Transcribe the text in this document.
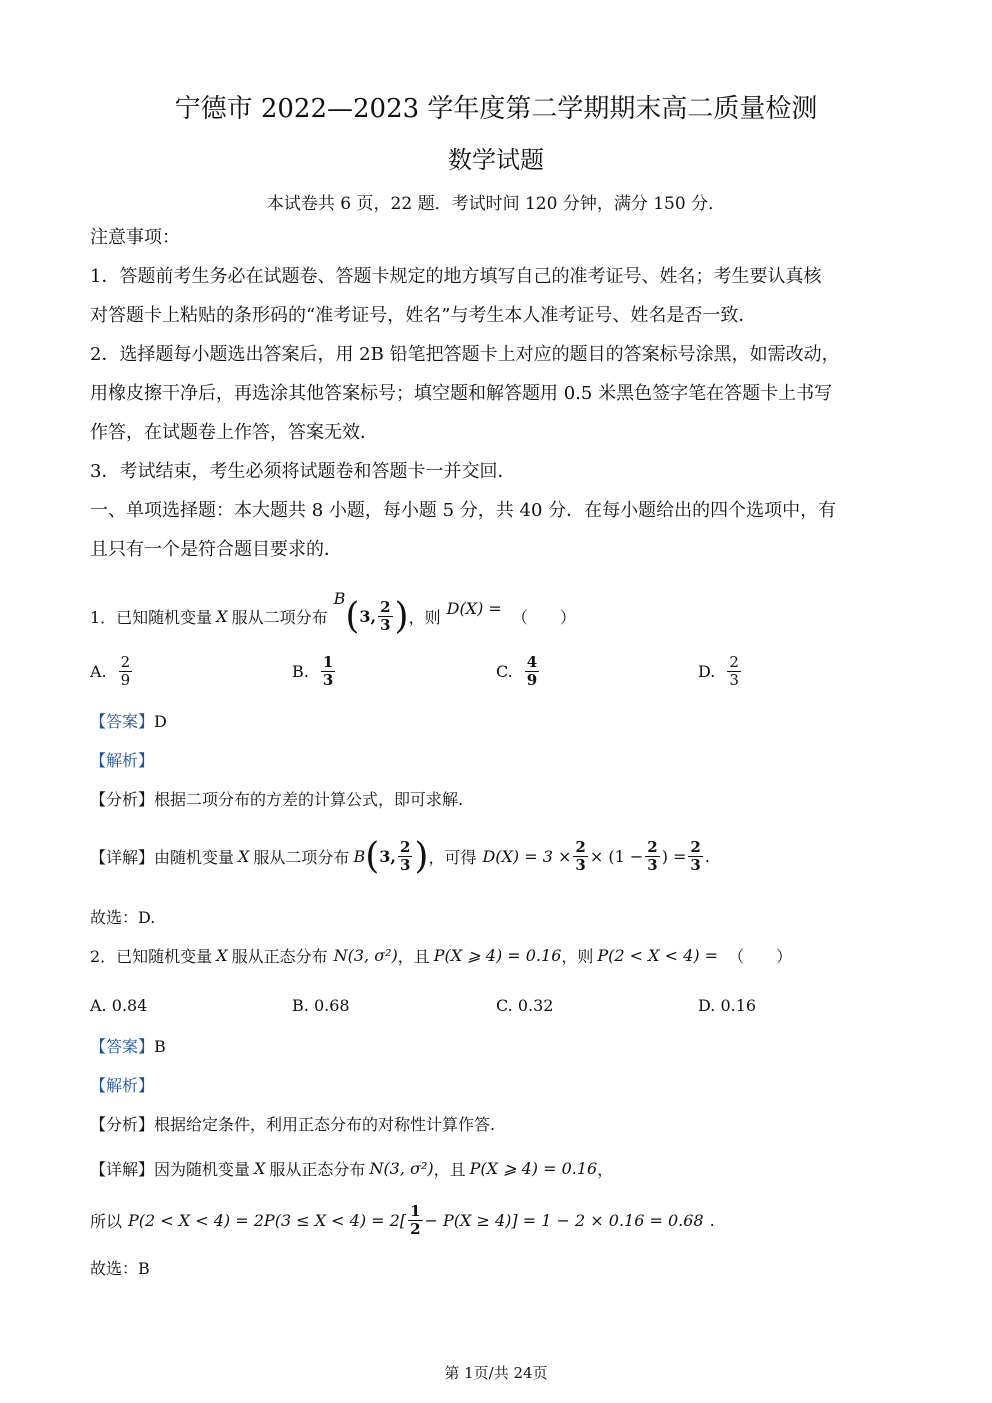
宁德市 2022—2023 学年度第二学期期末高二质量检测
数学试题
本试卷共 6 页，22 题．考试时间 120 分钟，满分 150 分．
注意事项：
1．答题前考生务必在试题卷、答题卡规定的地方填写自己的准考证号、姓名；考生要认真核
对答题卡上粘贴的条形码的“准考证号，姓名”与考生本人准考证号、姓名是否一致．
2．选择题每小题选出答案后，用 2B 铅笔把答题卡上对应的题目的答案标号涂黑，如需改动，
用橡皮擦干净后，再选涂其他答案标号；填空题和解答题用 0.5 米黑色签字笔在答题卡上书写
作答，在试题卷上作答，答案无效．
3．考试结束，考生必须将试题卷和答题卡一并交回．
一、单项选择题：本大题共 8 小题，每小题 5 分，共 40 分．在每小题给出的四个选项中，有
且只有一个是符合题目要求的．
1．已知随机变量 X 服从二项分布
B ( 3, $\frac{2}{3}$ ) ，则 D(X) = （　　）
A. $\frac{2}{9}$	B. $\frac{1}{3}$	C. $\frac{4}{9}$	D. $\frac{2}{3}$
【答案】D
【解析】
【分析】根据二项分布的方差的计算公式，即可求解.
【详解】 由随机变量 X 服从二项分布 B ( 3, $\frac{2}{3}$ ) ，可得 $D(X) = 3 \times \frac{2}{3} \times (1 - \frac{2}{3}$ ) = $\frac{2}{3}$ .
故选：D.
2．已知随机变量 X 服从正态分布 N(3, σ²) ，且 P(X ⩾ 4) = 0.16 ，则 P(2 < X < 4) = （　　）
A. 0.84	B. 0.68	C. 0.32	D. 0.16
【答案】B
【解析】
【分析】根据给定条件，利用正态分布的对称性计算作答.
【详解】 因为随机变量 X 服从正态分布 N(3, σ²) ，且 P(X ⩾ 4) = 0.16 ，
所以 $P(2 < X < 4) = 2P(3 \le X < 4) = 2[ \frac{1}{2} - P(X \ge 4)] = 1 - 2 \times 0.16 = 0.68$ .
故选：B
第 1页/共 24页
